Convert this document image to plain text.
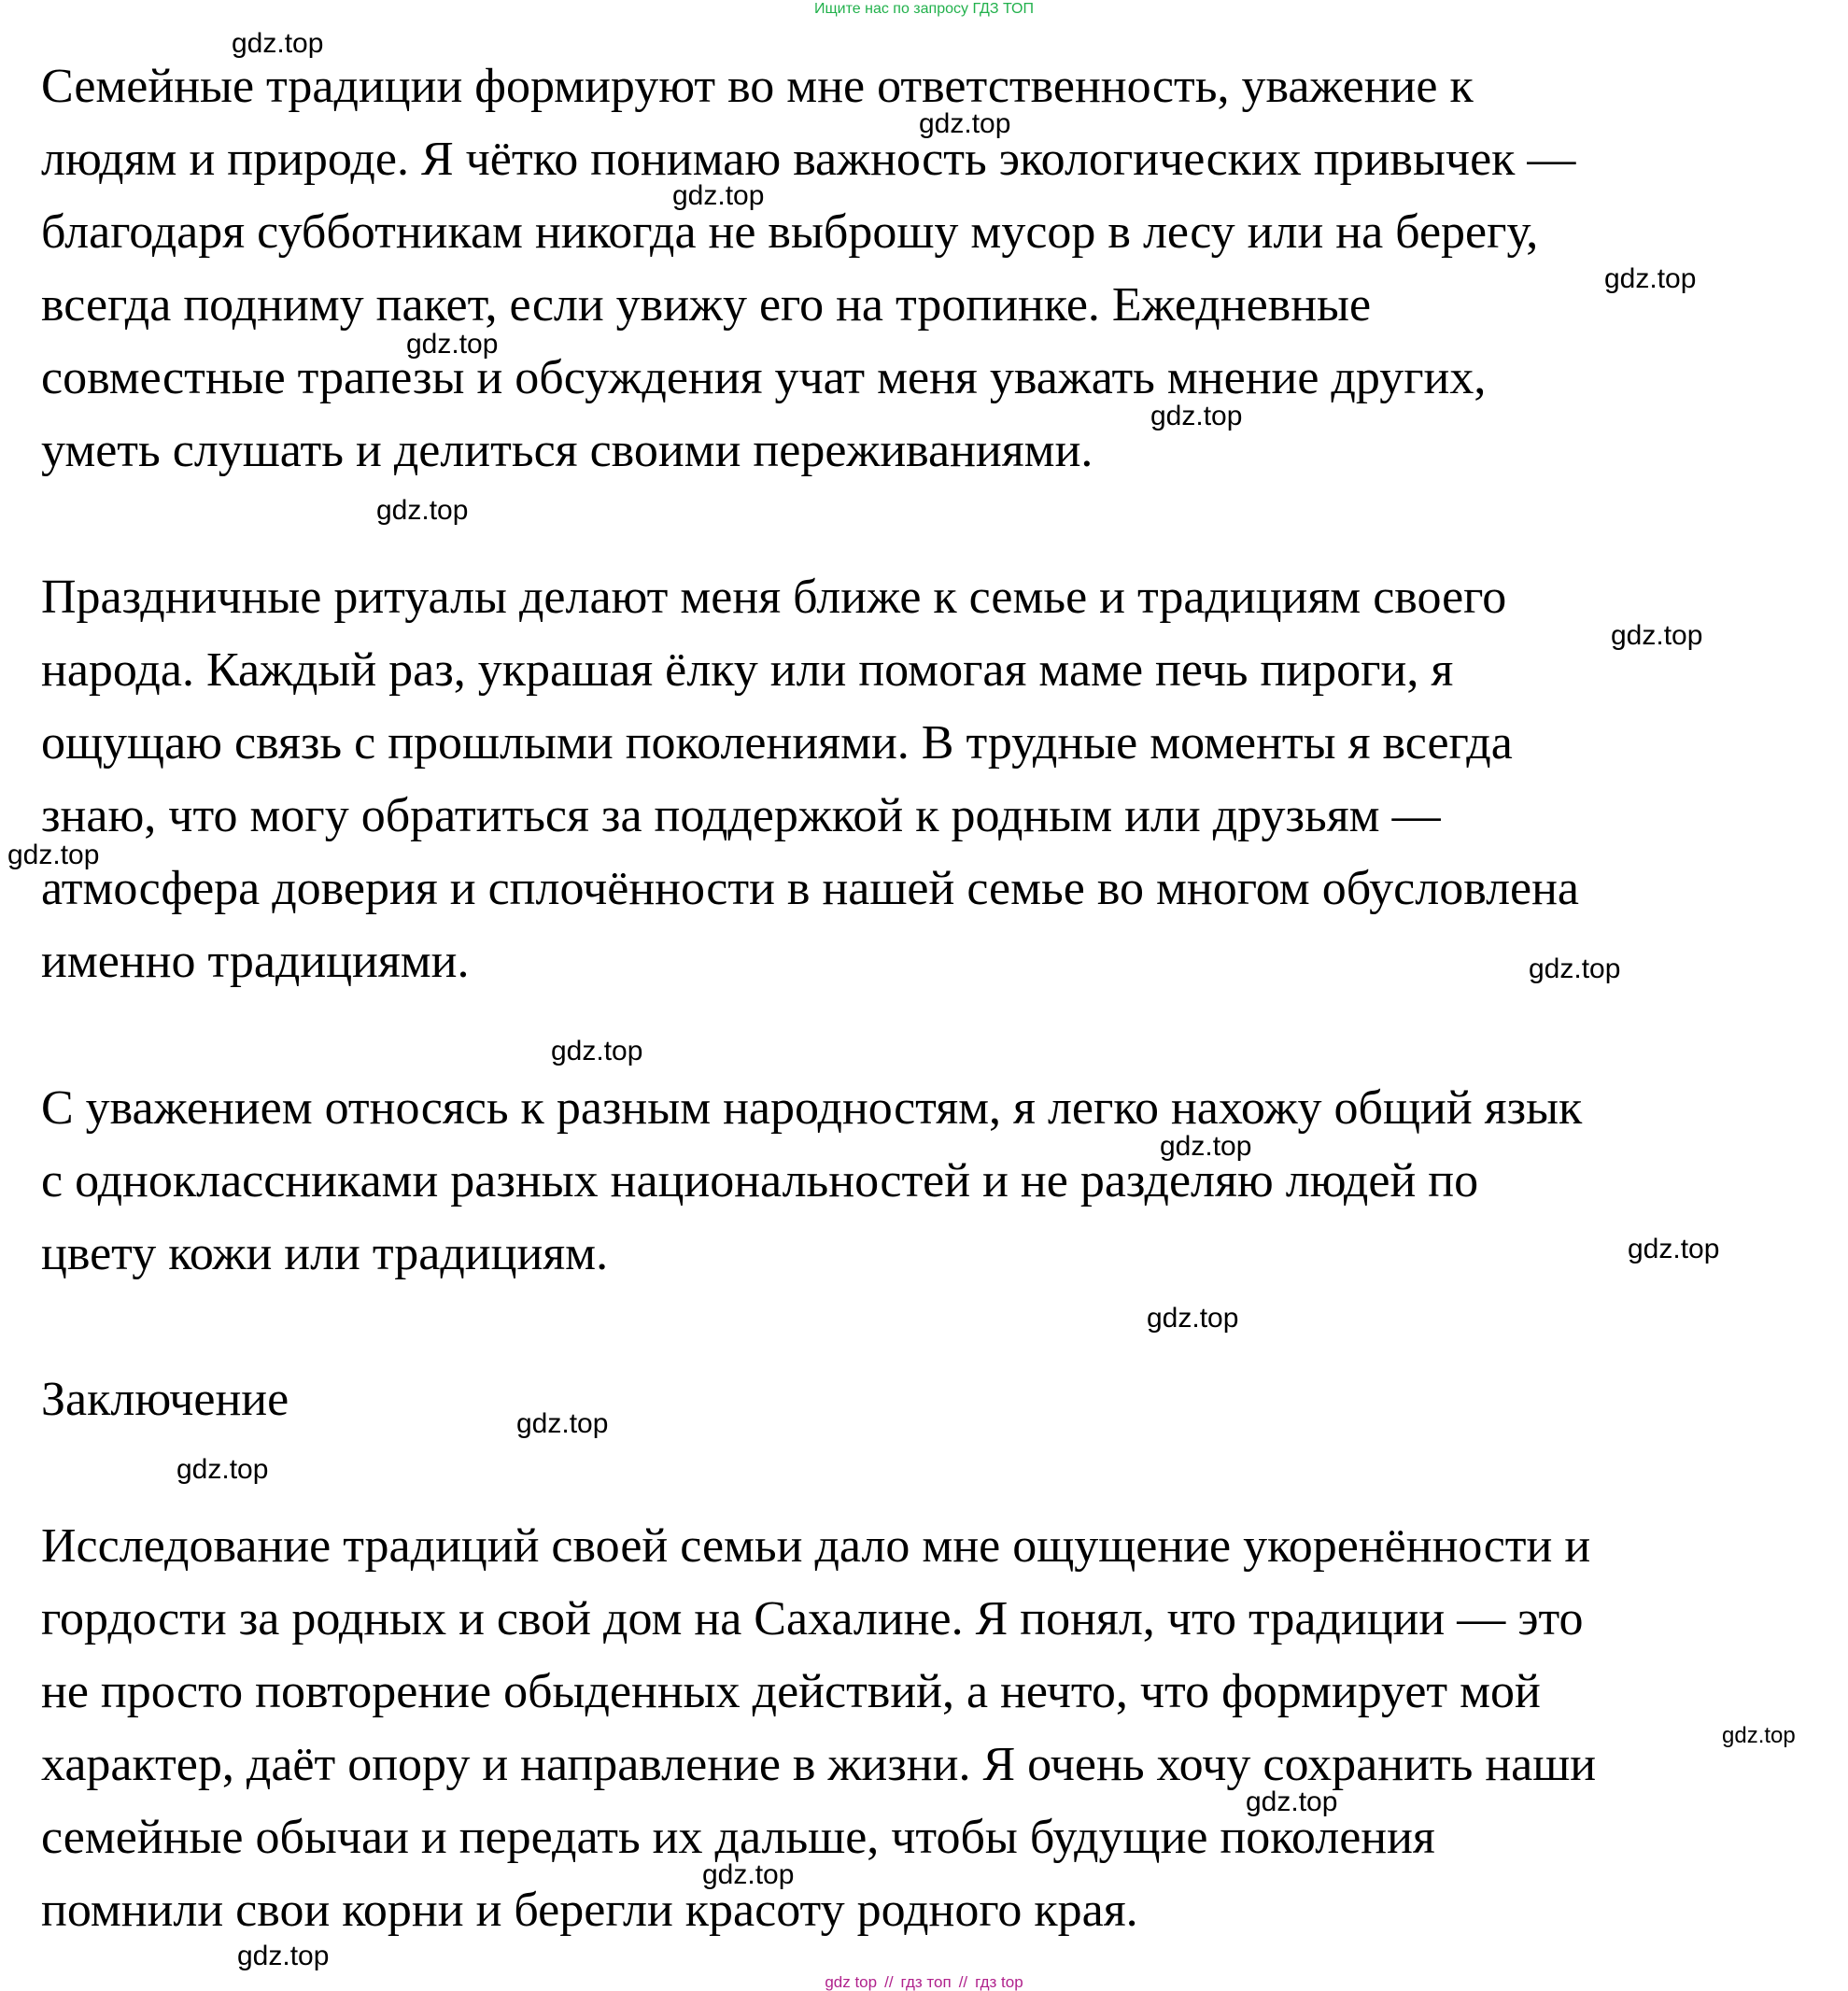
Ищите нас по запросу ГДЗ ТОП

Семейные традиции формируют во мне ответственность, уважение к
людям и природе. Я чётко понимаю важность экологических привычек —
благодаря субботникам никогда не выброшу мусор в лесу или на берегу,
всегда подниму пакет, если увижу его на тропинке. Ежедневные
совместные трапезы и обсуждения учат меня уважать мнение других,
уметь слушать и делиться своими переживаниями.

Праздничные ритуалы делают меня ближе к семье и традициям своего
народа. Каждый раз, украшая ёлку или помогая маме печь пироги, я
ощущаю связь с прошлыми поколениями. В трудные моменты я всегда
знаю, что могу обратиться за поддержкой к родным или друзьям —
атмосфера доверия и сплочённости в нашей семье во многом обусловлена
именно традициями.

С уважением относясь к разным народностям, я легко нахожу общий язык
с одноклассниками разных национальностей и не разделяю людей по
цвету кожи или традициям.

Заключение

Исследование традиций своей семьи дало мне ощущение укоренённости и
гордости за родных и свой дом на Сахалине. Я понял, что традиции — это
не просто повторение обыденных действий, а нечто, что формирует мой
характер, даёт опору и направление в жизни. Я очень хочу сохранить наши
семейные обычаи и передать их дальше, чтобы будущие поколения
помнили свои корни и берегли красоту родного края.

gdz.top
gdz.top
gdz.top
gdz.top
gdz.top
gdz.top
gdz.top
gdz.top
gdz.top
gdz.top
gdz.top
gdz.top
gdz.top
gdz.top
gdz.top
gdz.top
gdz.top
gdz.top
gdz.top
gdz.top
gdz top // гдз топ // гдз top
